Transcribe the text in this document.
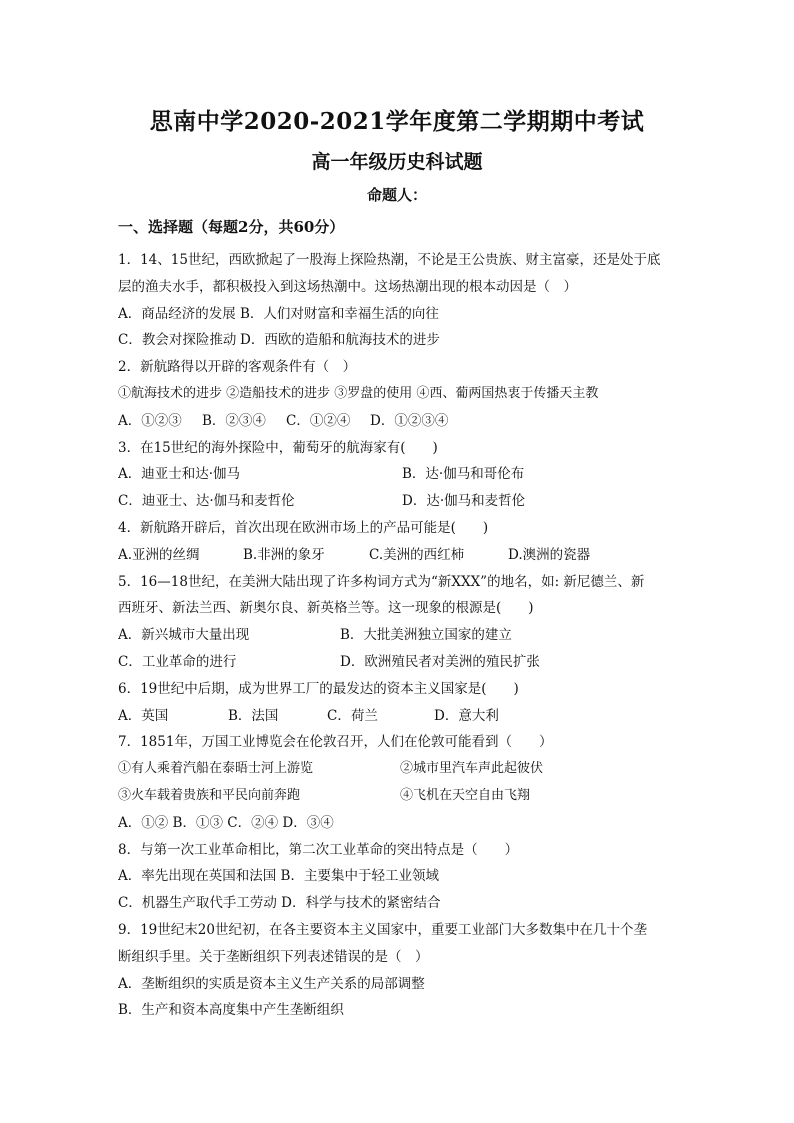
思南中学2020-2021学年度第二学期期中考试
高一年级历史科试题
命题人：
一、选择题（每题2分，共60分）
1．14、15世纪，西欧掀起了一股海上探险热潮，不论是王公贵族、财主富豪，还是处于底
层的渔夫水手，都积极投入到这场热潮中。这场热潮出现的根本动因是（　）
A．商品经济的发展 B．人们对财富和幸福生活的向往
C．教会对探险推动 D．西欧的造船和航海技术的进步
2．新航路得以开辟的客观条件有（　）
①航海技术的进步 ②造船技术的进步 ③罗盘的使用 ④西、葡两国热衷于传播天主教
A．①②③	B．②③④	C．①②④	D．①②③④
3．在15世纪的海外探险中，葡萄牙的航海家有(　　)
A．迪亚士和达·伽马	B．达·伽马和哥伦布
C．迪亚士、达·伽马和麦哲伦	D．达·伽马和麦哲伦
4．新航路开辟后，首次出现在欧洲市场上的产品可能是(　　)
A.亚洲的丝绸	B.非洲的象牙	C.美洲的西红柿	D.澳洲的瓷器
5．16—18世纪，在美洲大陆出现了许多构词方式为“新XXX”的地名，如: 新尼德兰、新
西班牙、新法兰西、新奥尔良、新英格兰等。这一现象的根源是(　　)
A．新兴城市大量出现	B．大批美洲独立国家的建立
C．工业革命的进行	D．欧洲殖民者对美洲的殖民扩张
6．19世纪中后期，成为世界工厂的最发达的资本主义国家是(　　)
A．英国	B．法国	C．荷兰	D．意大利
7．1851年，万国工业博览会在伦敦召开，人们在伦敦可能看到（　　）
①有人乘着汽船在泰晤士河上游览	②城市里汽车声此起彼伏
③火车载着贵族和平民向前奔跑	④飞机在天空自由飞翔
A．①② B．①③ C．②④ D．③④
8．与第一次工业革命相比，第二次工业革命的突出特点是（　　）
A．率先出现在英国和法国 B．主要集中于轻工业领域
C．机器生产取代手工劳动 D．科学与技术的紧密结合
9．19世纪末20世纪初，在各主要资本主义国家中，重要工业部门大多数集中在几十个垄
断组织手里。关于垄断组织下列表述错误的是（　）
A．垄断组织的实质是资本主义生产关系的局部调整
B．生产和资本高度集中产生垄断组织
